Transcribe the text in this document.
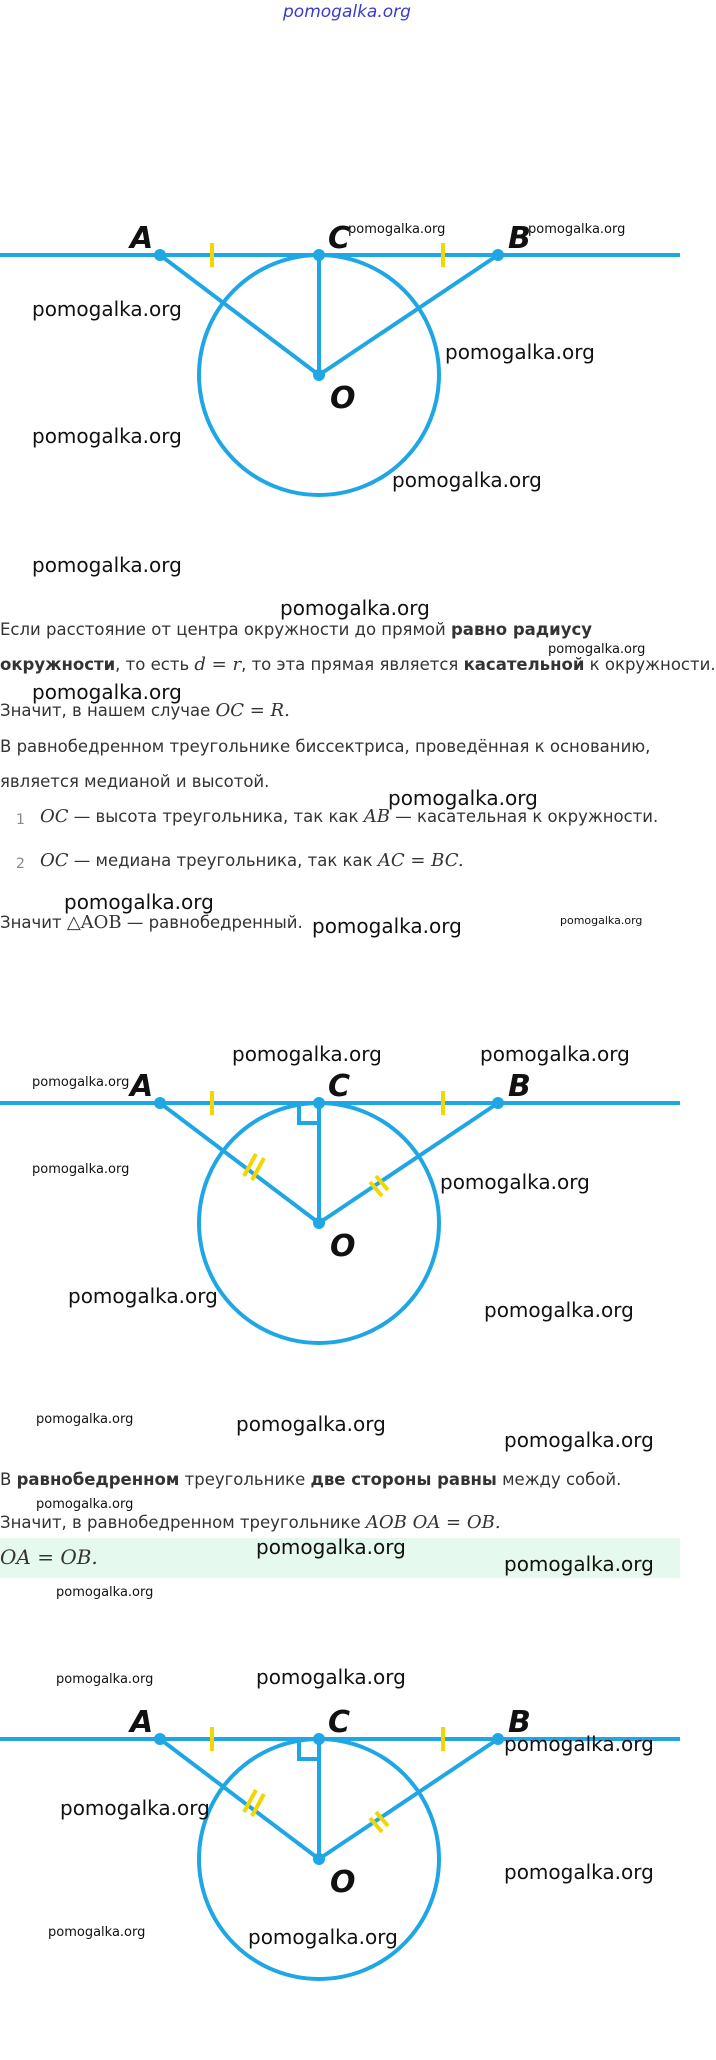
pomogalka.org
A	C	B
O
pomogalka.org	pomogalka.org
pomogalka.org
pomogalka.org
pomogalka.org
pomogalka.org
pomogalka.org
pomogalka.org
Если расстояние от центра окружности до прямой равно радиусу
pomogalka.org
окружности, то есть d = r, то эта прямая является касательной к окружности.
pomogalka.org
Значит, в нашем случае OC = R.
В равнобедренном треугольнике биссектриса, проведённая к основанию,
является медианой и высотой.
pomogalka.org
1 OC — высота треугольника, так как AB — касательная к окружности.
2 OC — медиана треугольника, так как AC = BC.
pomogalka.org
Значит △AOB — равнобедренный. pomogalka.org	pomogalka.org
pomogalka.org	pomogalka.org
pomogalka.org A	C	B
O
pomogalka.org
pomogalka.org
pomogalka.org
pomogalka.org
pomogalka.org	pomogalka.org
pomogalka.org
В равнобедренном треугольнике две стороны равны между собой.
pomogalka.org
Значит, в равнобедренном треугольнике AOB OA = OB.
OA = OB.	pomogalka.org
pomogalka.org
pomogalka.org
pomogalka.org	pomogalka.org
A	C	B
O
pomogalka.org
pomogalka.org
pomogalka.org
pomogalka.org	pomogalka.org
